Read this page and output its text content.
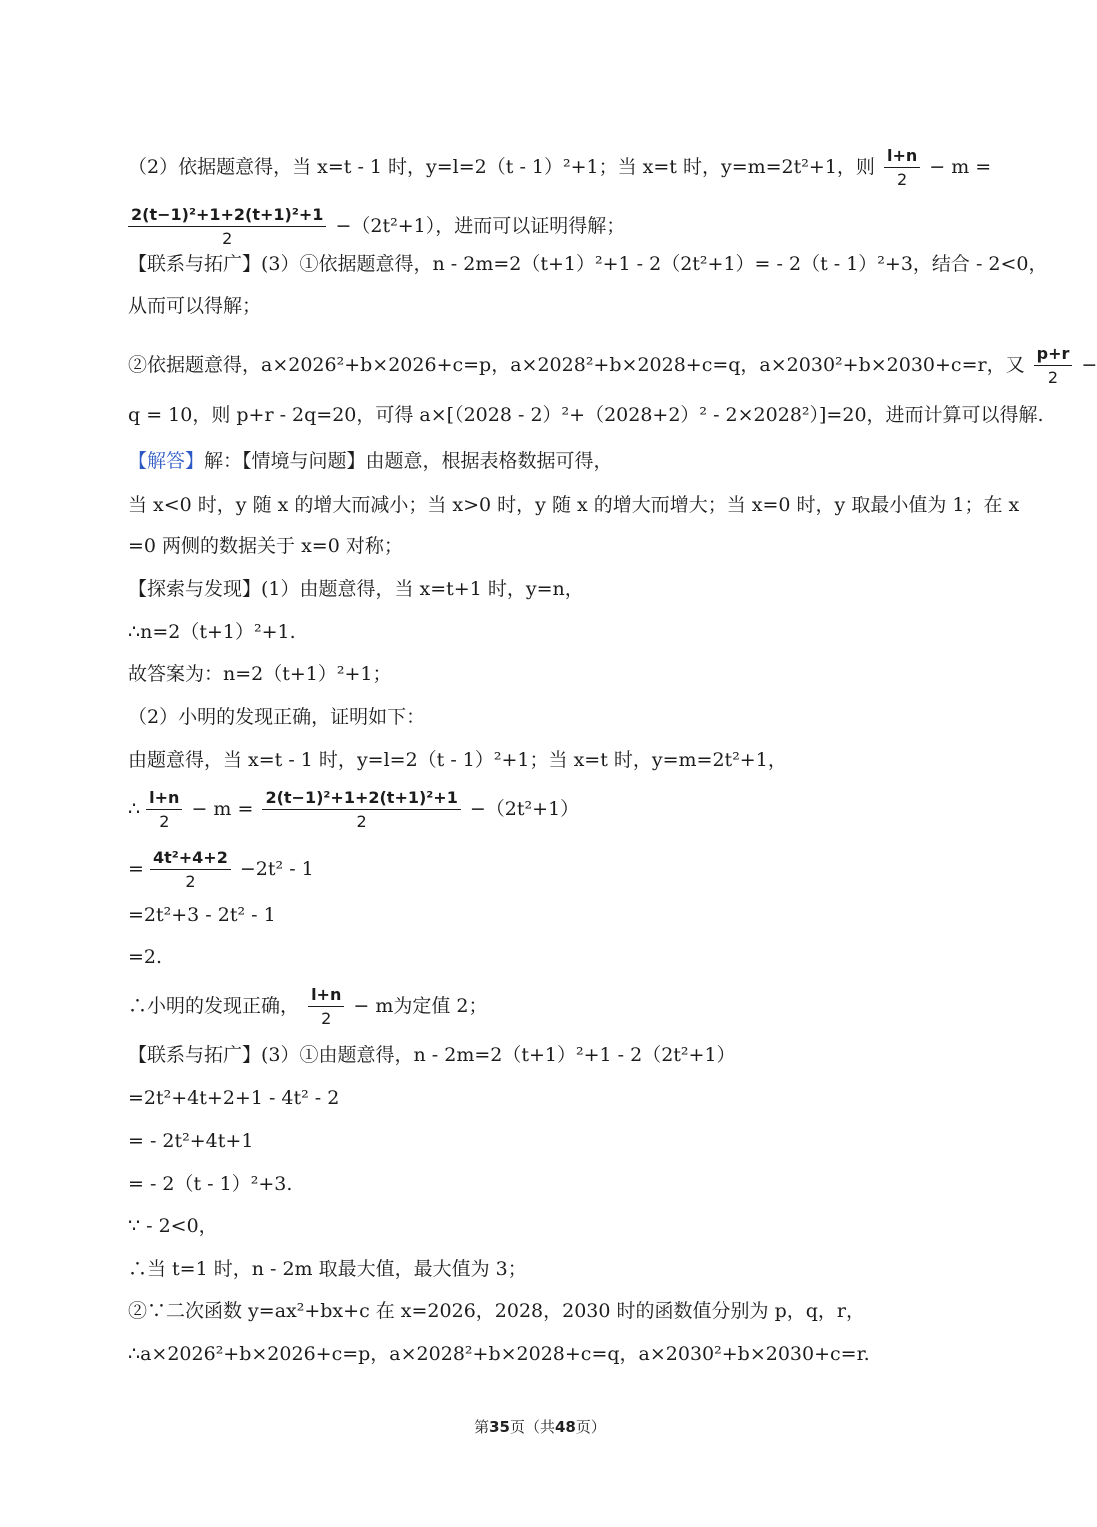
（2）依据题意得，当 x=t - 1 时，y=l=2（t - 1）²+1；当 x=t 时，y=m=2t²+1，则 $\frac{l+n}{2} - m$ =
$\frac{\text{2(t−1)²+1+2(t+1)²+1}}{2} -(2t^2+1)$，进而可以证明得解；
【联系与拓广】(3）①依据题意得，n - 2m=2（t+1）²+1 - 2（2t²+1）= - 2（t - 1）²+3，结合 - 2<0，
从而可以得解；
②依据题意得，a×2026²+b×2026+c=p，a×2028²+b×2028+c=q，a×2030²+b×2030+c=r，又 $\frac{p+r}{2}$ −
q = 10，则 p+r - 2q=20，可得 a×[（2028 - 2）²+（2028+2）² - 2×2028²）]=20，进而计算可以得解.
【解答】解：【情境与问题】由题意，根据表格数据可得，
当 x<0 时，y 随 x 的增大而减小；当 x>0 时，y 随 x 的增大而增大；当 x=0 时，y 取最小值为 1；在 x
=0 两侧的数据关于 x=0 对称；
【探索与发现】(1）由题意得，当 x=t+1 时，y=n，
∴n=2（t+1）²+1.
故答案为：n=2（t+1）²+1；
（2）小明的发现正确，证明如下：
由题意得，当 x=t - 1 时，y=l=2（t - 1）²+1；当 x=t 时，y=m=2t²+1，
∴ $\frac{l+n}{2} - m = \frac{\text{2(t−1)²+1+2(t+1)²+1}}{2} -(2t^2+1)$
= $\frac{\text{4t²+4+2}}{2} -2t^2 - 1$
=2t²+3 - 2t² - 1
=2.
∴小明的发现正确， $\frac{l+n}{2} - m$为定值 2；
【联系与拓广】(3）①由题意得，n - 2m=2（t+1）²+1 - 2（2t²+1）
=2t²+4t+2+1 - 4t² - 2
= - 2t²+4t+1
= - 2（t - 1）²+3.
∵ - 2<0，
∴当 t=1 时，n - 2m 取最大值，最大值为 3；
②∵二次函数 y=ax²+bx+c 在 x=2026，2028，2030 时的函数值分别为 p，q，r，
∴a×2026²+b×2026+c=p，a×2028²+b×2028+c=q，a×2030²+b×2030+c=r.
第35页（共48页）
